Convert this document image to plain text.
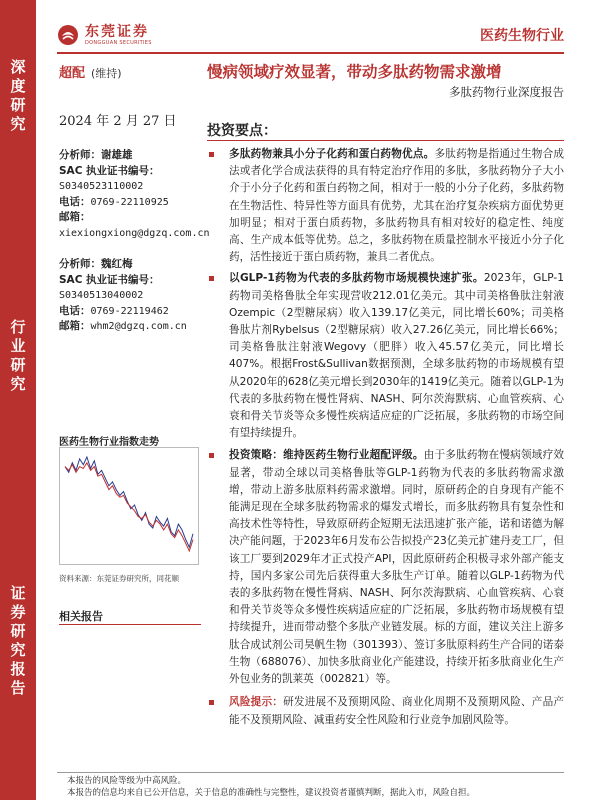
深
度
研
究
行
业
研
究
证
券
研
究
报
告
东莞证券
DONGGUAN SECURITIES	医药生物行业
超配 (维持)	慢病领域疗效显著，带动多肽药物需求激增
多肽药物行业深度报告
2024 年 2 月 27 日
分析师：谢雄雄
SAC 执业证书编号：
S0340523110002
电话：0769-22110925
邮箱：
xiexiongxiong@dgzq.com.cn
分析师：魏红梅
SAC 执业证书编号：
S0340513040002
电话：0769-22119462
邮箱：whm2@dgzq.com.cn
医药生物行业指数走势
资料来源：东莞证券研究所，同花顺
相关报告
投资要点：
多肽药物兼具小分子化药和蛋白药物优点。多肽药物是指通过生物合成法或者化学合成法获得的具有特定治疗作用的多肽，多肽药物分子大小介于小分子化药和蛋白药物之间，相对于一般的小分子化药，多肽药物在生物活性、特异性等方面具有优势，尤其在治疗复杂疾病方面优势更加明显；相对于蛋白质药物，多肽药物具有相对较好的稳定性、纯度高、生产成本低等优势。总之，多肽药物在质量控制水平接近小分子化药，活性接近于蛋白质药物，兼具二者优点。
以GLP-1药物为代表的多肽药物市场规模快速扩张。2023年，GLP-1药物司美格鲁肽全年实现营收212.01亿美元。其中司美格鲁肽注射液Ozempic（2型糖尿病）收入139.17亿美元，同比增长60%；司美格鲁肽片剂Rybelsus（2型糖尿病）收入27.26亿美元，同比增长66%；司美格鲁肽注射液Wegovy（肥胖）收入45.57亿美元，同比增长407%。根据Frost&Sullivan数据预测，全球多肽药物的市场规模有望从2020年的628亿美元增长到2030年的1419亿美元。随着以GLP-1为代表的多肽药物在慢性肾病、NASH、阿尔茨海默病、心血管疾病、心衰和骨关节炎等众多慢性疾病适应症的广泛拓展，多肽药物的市场空间有望持续提升。
投资策略：维持医药生物行业超配评级。由于多肽药物在慢病领域疗效显著，带动全球以司美格鲁肽等GLP-1药物为代表的多肽药物需求激增，带动上游多肽原料药需求激增。同时，原研药企的自身现有产能不能满足现在全球多肽药物需求的爆发式增长，而多肽药物具有复杂性和高技术性等特性，导致原研药企短期无法迅速扩张产能，诺和诺德为解决产能问题，于2023年6月发布公告拟投产23亿美元扩建丹麦工厂，但该工厂要到2029年才正式投产API，因此原研药企积极寻求外部产能支持，国内多家公司先后获得重大多肽生产订单。随着以GLP-1药物为代表的多肽药物在慢性肾病、NASH、阿尔茨海默病、心血管疾病、心衰和骨关节炎等众多慢性疾病适应症的广泛拓展，多肽药物市场规模有望持续提升，进而带动整个多肽产业链发展。标的方面，建议关注上游多肽合成试剂公司昊帆生物（301393）、签订多肽原料药生产合同的诺泰生物（688076）、加快多肽商业化产能建设，持续开拓多肽商业化生产外包业务的凯莱英（002821）等。
风险提示：研发进展不及预期风险、商业化周期不及预期风险、产品产能不及预期风险、减重药安全性风险和行业竞争加剧风险等。
本报告的风险等级为中高风险。
本报告的信息均来自已公开信息，关于信息的准确性与完整性，建议投资者谨慎判断，据此入市，风险自担。
